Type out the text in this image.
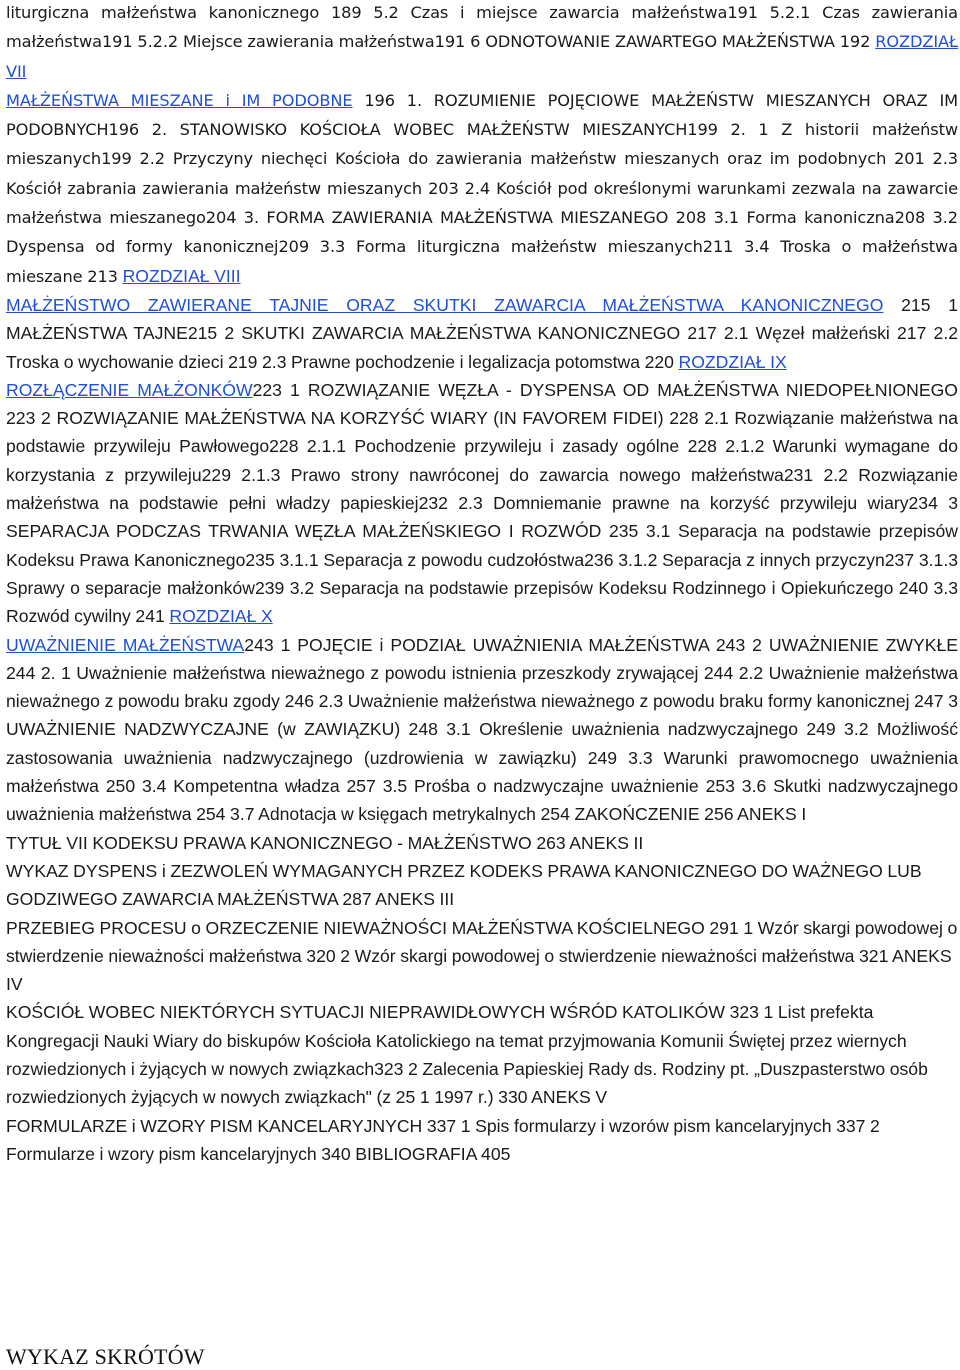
liturgiczna małżeństwa kanonicznego 189 5.2 Czas i miejsce zawarcia małżeństwa191 5.2.1 Czas zawierania małżeństwa191 5.2.2 Miejsce zawierania małżeństwa191 6 ODNOTOWANIE ZAWARTEGO MAŁŻEŃSTWA 192 ROZDZIAŁ VII
MAŁŻEŃSTWA MIESZANE i IM PODOBNE 196 1. ROZUMIENIE POJĘCIOWE MAŁŻEŃSTW MIESZANYCH ORAZ IM PODOBNYCH196 2. STANOWISKO KOŚCIOŁA WOBEC MAŁŻEŃSTW MIESZANYCH199 2. 1 Z historii małżeństw mieszanych199 2.2 Przyczyny niechęci Kościoła do zawierania małżeństw mieszanych oraz im podobnych 201 2.3 Kościół zabrania zawierania małżeństw mieszanych 203 2.4 Kościół pod określonymi warunkami zezwala na zawarcie małżeństwa mieszanego204 3. FORMA ZAWIERANIA MAŁŻEŃSTWA MIESZANEGO 208 3.1 Forma kanoniczna208 3.2 Dyspensa od formy kanonicznej209 3.3 Forma liturgiczna małżeństw mieszanych211 3.4 Troska o małżeństwa mieszane 213 ROZDZIAŁ VIII
MAŁŻEŃSTWO ZAWIERANE TAJNIE ORAZ SKUTKI ZAWARCIA MAŁŻEŃSTWA KANONICZNEGO 215 1 MAŁŻEŃSTWA TAJNE215 2 SKUTKI ZAWARCIA MAŁŻEŃSTWA KANONICZNEGO 217 2.1 Węzeł małżeński 217 2.2 Troska o wychowanie dzieci 219 2.3 Prawne pochodzenie i legalizacja potomstwa 220 ROZDZIAŁ IX
ROZŁĄCZENIE MAŁŻONKÓW223 1 ROZWIĄZANIE WĘZŁA - DYSPENSA OD MAŁŻEŃSTWA NIEDOPEŁNIONEGO 223 2 ROZWIĄZANIE MAŁŻEŃSTWA NA KORZYŚĆ WIARY (IN FAVOREM FIDEI) 228 2.1 Rozwiązanie małżeństwa na podstawie przywileju Pawłowego228 2.1.1 Pochodzenie przywileju i zasady ogólne 228 2.1.2 Warunki wymagane do korzystania z przywileju229 2.1.3 Prawo strony nawróconej do zawarcia nowego małżeństwa231 2.2 Rozwiązanie małżeństwa na podstawie pełni władzy papieskiej232 2.3 Domniemanie prawne na korzyść przywileju wiary234 3 SEPARACJA PODCZAS TRWANIA WĘZŁA MAŁŻEŃSKIEGO I ROZWÓD 235 3.1 Separacja na podstawie przepisów Kodeksu Prawa Kanonicznego235 3.1.1 Separacja z powodu cudzołóstwa236 3.1.2 Separacja z innych przyczyn237 3.1.3 Sprawy o separacje małżonków239 3.2 Separacja na podstawie przepisów Kodeksu Rodzinnego i Opiekuńczego 240 3.3 Rozwód cywilny 241 ROZDZIAŁ X
UWAŻNIENIE MAŁŻEŃSTWA243 1 POJĘCIE i PODZIAŁ UWAŻNIENIA MAŁŻEŃSTWA 243 2 UWAŻNIENIE ZWYKŁE 244 2. 1 Uważnienie małżeństwa nieważnego z powodu istnienia przeszkody zrywającej 244 2.2 Uważnienie małżeństwa nieważnego z powodu braku zgody 246 2.3 Uważnienie małżeństwa nieważnego z powodu braku formy kanonicznej 247 3 UWAŻNIENIE NADZWYCZAJNE (w ZAWIĄZKU) 248 3.1 Określenie uważnienia nadzwyczajnego 249 3.2 Możliwość zastosowania uważnienia nadzwyczajnego (uzdrowienia w zawiązku) 249 3.3 Warunki prawomocnego uważnienia małżeństwa 250 3.4 Kompetentna władza 257 3.5 Prośba o nadzwyczajne uważnienie 253 3.6 Skutki nadzwyczajnego uważnienia małżeństwa 254 3.7 Adnotacja w księgach metrykalnych 254 ZAKOŃCZENIE 256 ANEKS I

TYTUŁ VII KODEKSU PRAWA KANONICZNEGO - MAŁŻEŃSTWO 263 ANEKS II

WYKAZ DYSPENS i ZEZWOLEŃ WYMAGANYCH PRZEZ KODEKS PRAWA KANONICZNEGO DO WAŻNEGO LUB GODZIWEGO ZAWARCIA MAŁŻEŃSTWA 287 ANEKS III

PRZEBIEG PROCESU o ORZECZENIE NIEWAŻNOŚCI MAŁŻEŃSTWA KOŚCIELNEGO 291 1 Wzór skargi powodowej o stwierdzenie nieważności małżeństwa 320 2 Wzór skargi powodowej o stwierdzenie nieważności małżeństwa 321 ANEKS IV

KOŚCIÓŁ WOBEC NIEKTÓRYCH SYTUACJI NIEPRAWIDŁOWYCH WŚRÓD KATOLIKÓW 323 1 List prefekta Kongregacji Nauki Wiary do biskupów Kościoła Katolickiego na temat przyjmowania Komunii Świętej przez wiernych rozwiedzionych i żyjących w nowych związkach323 2 Zalecenia Papieskiej Rady ds. Rodziny pt. „Duszpasterstwo osób rozwiedzionych żyjących w nowych związkach" (z 25 1 1997 r.) 330 ANEKS V

FORMULARZE i WZORY PISM KANCELARYJNYCH 337 1 Spis formularzy i wzorów pism kancelaryjnych 337 2 Formularze i wzory pism kancelaryjnych 340 BIBLIOGRAFIA 405

WYKAZ SKRÓTÓW
